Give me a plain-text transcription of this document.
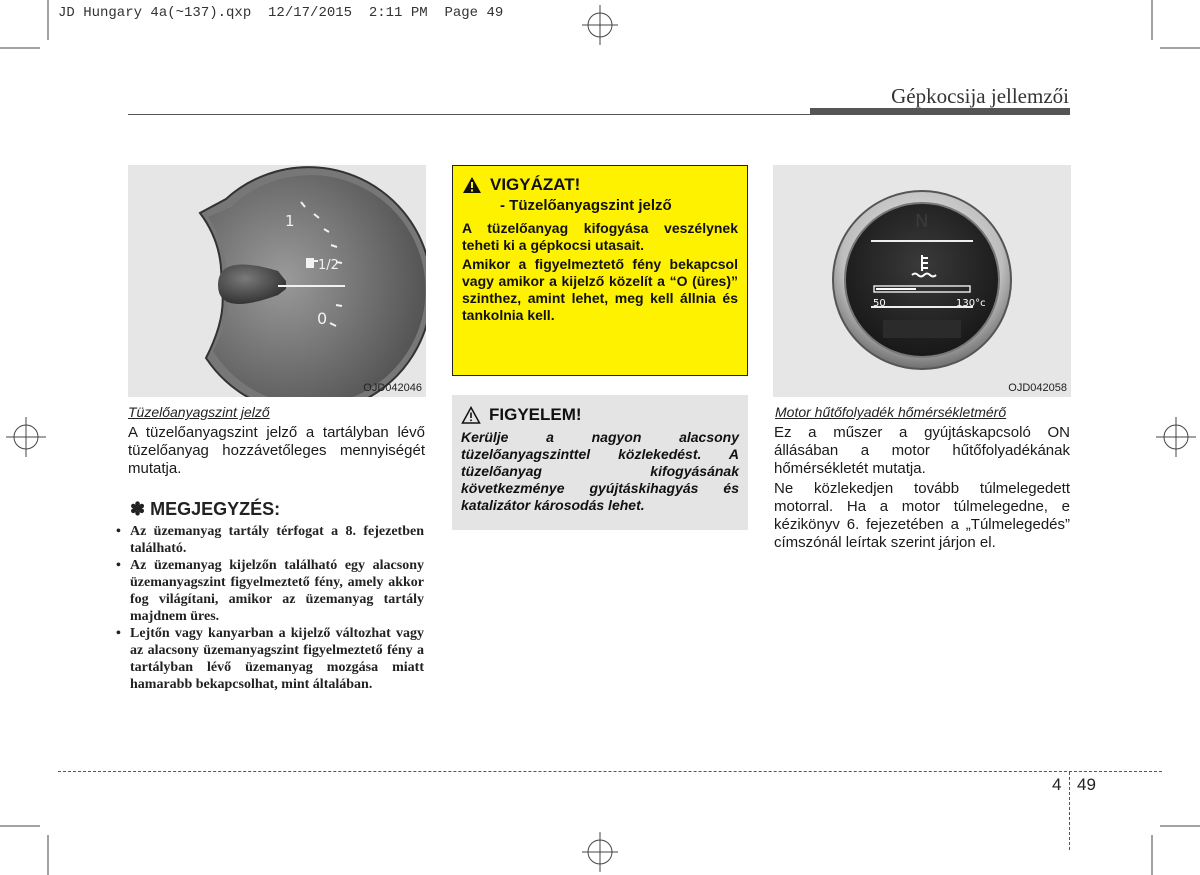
JD Hungary 4a(~137).qxp  12/17/2015  2:11 PM  Page 49
Gépkocsija jellemzői
1
1/2
0
OJD042046
Tüzelőanyagszint jelző

A tüzelőanyagszint jelző a tartályban lévő tüzelőanyag hozzávetőleges mennyiségét mutatja.

✽ MEGJEGYZÉS:
• Az üzemanyag tartály térfogat a 8. fejezetben található.
• Az üzemanyag kijelzőn található egy alacsony üzemanyagszint figyelmeztető fény, amely akkor fog világítani, amikor az üzemanyag tartály majdnem üres.
• Lejtőn vagy kanyarban a kijelző változhat vagy az alacsony üzemanyagszint figyelmeztető fény a tartályban lévő üzemanyag mozgása miatt hamarabb bekapcsolhat, mint általában.
VIGYÁZAT!
- Tüzelőanyagszint jelző

A tüzelőanyag kifogyása veszélynek teheti ki a gépkocsi utasait.

Amikor a figyelmeztető fény bekapcsol vagy amikor a kijelző közelít a “O (üres)” szinthez, amint lehet, meg kell állnia és tankolnia kell.

FIGYELEM!
Kerülje a nagyon alacsony tüzelőanyagszinttel közlekedést. A tüzelőanyag kifogyásának következménye gyújtáskihagyás és katalizátor károsodás lehet.
N
50	130°c
OJD042058
Motor hűtőfolyadék hőmérsékletmérő

Ez a műszer a gyújtáskapcsoló ON állásában a motor hűtőfolyadékának hőmérsékletét mutatja.

Ne közlekedjen tovább túlmelegedett motorral. Ha a motor túlmelegedne, e kézikönyv 6. fejezetében a „Túlmelegedés” címszónál leírtak szerint járjon el.

4 49
